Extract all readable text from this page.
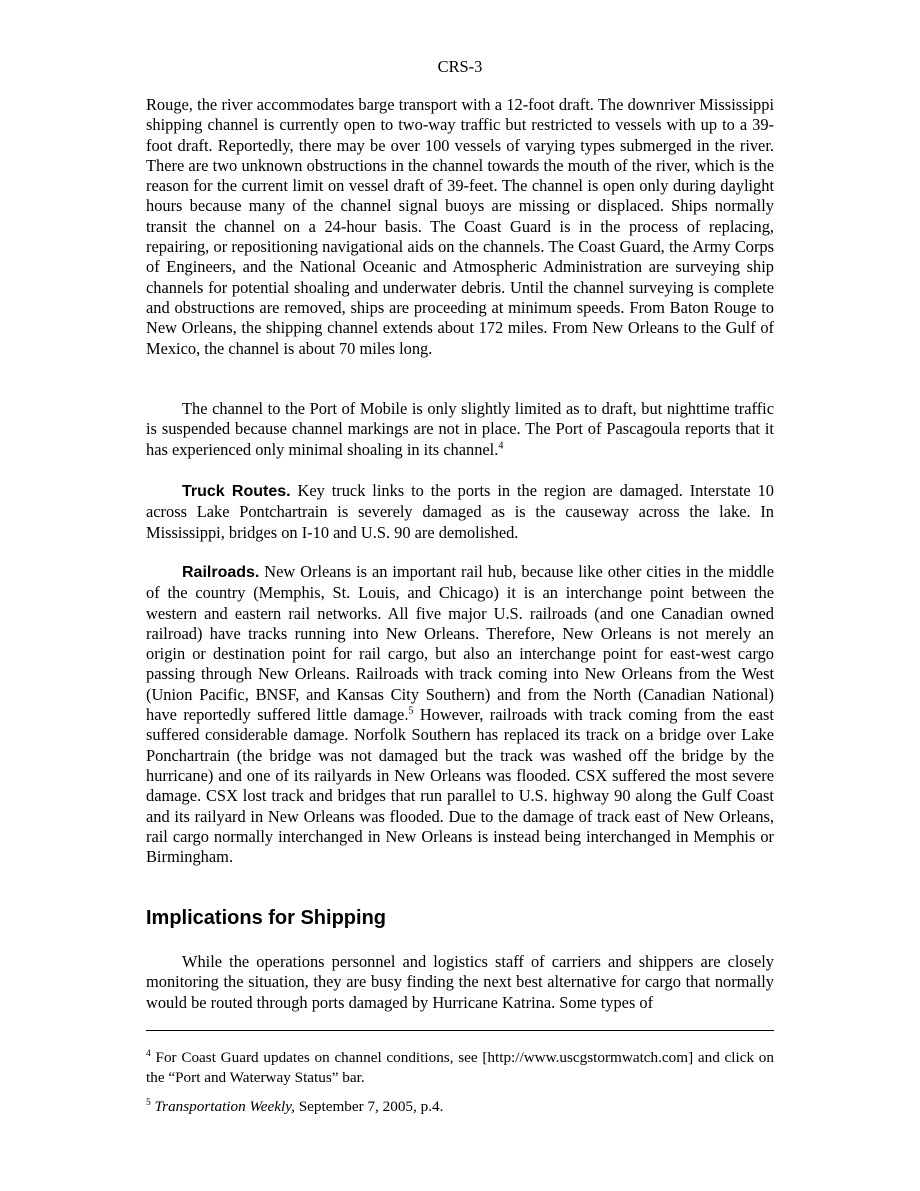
CRS-3

Rouge, the river accommodates barge transport with a 12-foot draft. The downriver Mississippi shipping channel is currently open to two-way traffic but restricted to vessels with up to a 39-foot draft. Reportedly, there may be over 100 vessels of varying types submerged in the river. There are two unknown obstructions in the channel towards the mouth of the river, which is the reason for the current limit on vessel draft of 39-feet. The channel is open only during daylight hours because many of the channel signal buoys are missing or displaced. Ships normally transit the channel on a 24-hour basis. The Coast Guard is in the process of replacing, repairing, or repositioning navigational aids on the channels. The Coast Guard, the Army Corps of Engineers, and the National Oceanic and Atmospheric Administration are surveying ship channels for potential shoaling and underwater debris. Until the channel surveying is complete and obstructions are removed, ships are proceeding at minimum speeds. From Baton Rouge to New Orleans, the shipping channel extends about 172 miles. From New Orleans to the Gulf of Mexico, the channel is about 70 miles long.

The channel to the Port of Mobile is only slightly limited as to draft, but nighttime traffic is suspended because channel markings are not in place. The Port of Pascagoula reports that it has experienced only minimal shoaling in its channel.$^4$

Truck Routes. Key truck links to the ports in the region are damaged. Interstate 10 across Lake Pontchartrain is severely damaged as is the causeway across the lake. In Mississippi, bridges on I-10 and U.S. 90 are demolished.

Railroads. New Orleans is an important rail hub, because like other cities in the middle of the country (Memphis, St. Louis, and Chicago) it is an interchange point between the western and eastern rail networks. All five major U.S. railroads (and one Canadian owned railroad) have tracks running into New Orleans. Therefore, New Orleans is not merely an origin or destination point for rail cargo, but also an interchange point for east-west cargo passing through New Orleans. Railroads with track coming into New Orleans from the West (Union Pacific, BNSF, and Kansas City Southern) and from the North (Canadian National) have reportedly suffered little damage.$^5$ However, railroads with track coming from the east suffered considerable damage. Norfolk Southern has replaced its track on a bridge over Lake Ponchartrain (the bridge was not damaged but the track was washed off the bridge by the hurricane) and one of its railyards in New Orleans was flooded. CSX suffered the most severe damage. CSX lost track and bridges that run parallel to U.S. highway 90 along the Gulf Coast and its railyard in New Orleans was flooded. Due to the damage of track east of New Orleans, rail cargo normally interchanged in New Orleans is instead being interchanged in Memphis or Birmingham.

Implications for Shipping

While the operations personnel and logistics staff of carriers and shippers are closely monitoring the situation, they are busy finding the next best alternative for cargo that normally would be routed through ports damaged by Hurricane Katrina. Some types of

$^4$ For Coast Guard updates on channel conditions, see [http://www.uscgstormwatch.com] and click on the “Port and Waterway Status” bar.
$^5$ Transportation Weekly, September 7, 2005, p.4.
